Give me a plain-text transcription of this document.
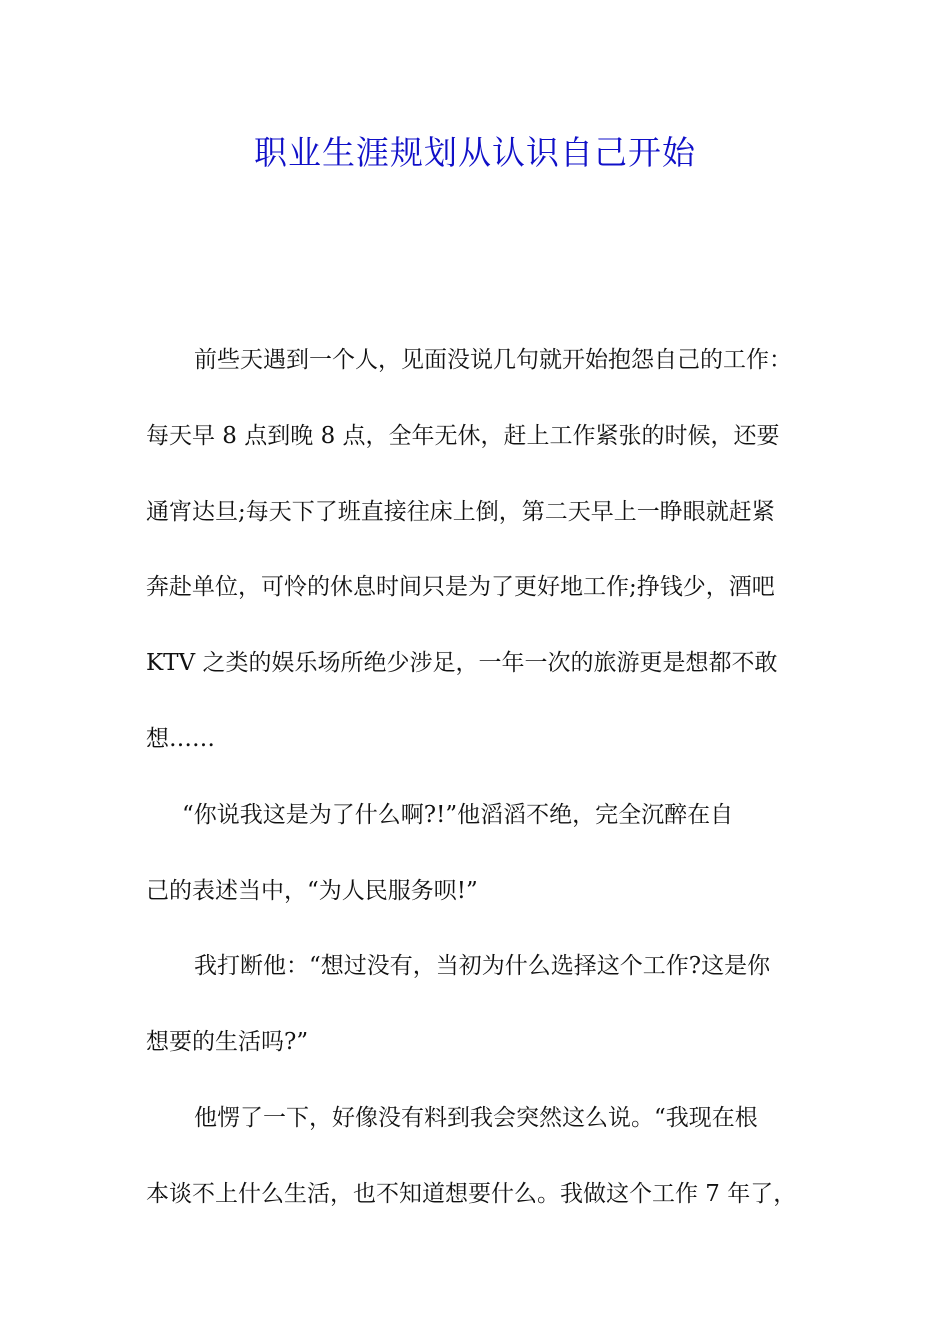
职业生涯规划从认识自己开始
前些天遇到一个人，见面没说几句就开始抱怨自己的工作：
每天早 8 点到晚 8 点，全年无休，赶上工作紧张的时候，还要
通宵达旦;每天下了班直接往床上倒，第二天早上一睁眼就赶紧
奔赴单位，可怜的休息时间只是为了更好地工作;挣钱少，酒吧
KTV 之类的娱乐场所绝少涉足，一年一次的旅游更是想都不敢
想……
“你说我这是为了什么啊?!”他滔滔不绝，完全沉醉在自
己的表述当中，“为人民服务呗!”
我打断他：“想过没有，当初为什么选择这个工作?这是你
想要的生活吗?”
他愣了一下，好像没有料到我会突然这么说。“我现在根
本谈不上什么生活，也不知道想要什么。我做这个工作 7 年了，
